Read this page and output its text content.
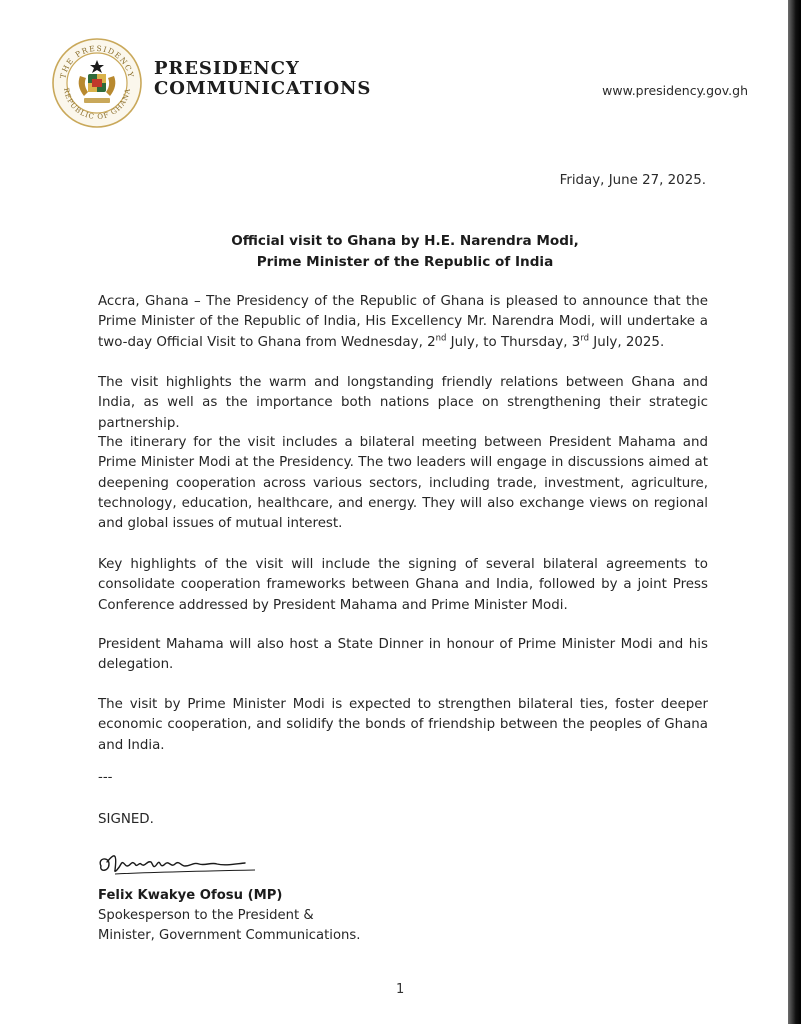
THE PRESIDENCY
REPUBLIC OF GHANA
PRESIDENCY
COMMUNICATIONS	www.presidency.gov.gh
Friday, June 27, 2025.
Official visit to Ghana by H.E. Narendra Modi,
Prime Minister of the Republic of India

Accra, Ghana – The Presidency of the Republic of Ghana is pleased to announce that the Prime Minister of the Republic of India, His Excellency Mr. Narendra Modi, will undertake a two-day Official Visit to Ghana from Wednesday, 2nd July, to Thursday, 3rd July, 2025.

The visit highlights the warm and longstanding friendly relations between Ghana and India, as well as the importance both nations place on strengthening their strategic partnership.

The itinerary for the visit includes a bilateral meeting between President Mahama and Prime Minister Modi at the Presidency. The two leaders will engage in discussions aimed at deepening cooperation across various sectors, including trade, investment, agriculture, technology, education, healthcare, and energy. They will also exchange views on regional and global issues of mutual interest.

Key highlights of the visit will include the signing of several bilateral agreements to consolidate cooperation frameworks between Ghana and India, followed by a joint Press Conference addressed by President Mahama and Prime Minister Modi.

President Mahama will also host a State Dinner in honour of Prime Minister Modi and his delegation.

The visit by Prime Minister Modi is expected to strengthen bilateral ties, foster deeper economic cooperation, and solidify the bonds of friendship between the peoples of Ghana and India.

---
SIGNED.
Felix Kwakye Ofosu (MP)
Spokesperson to the President &
Minister, Government Communications.
1
